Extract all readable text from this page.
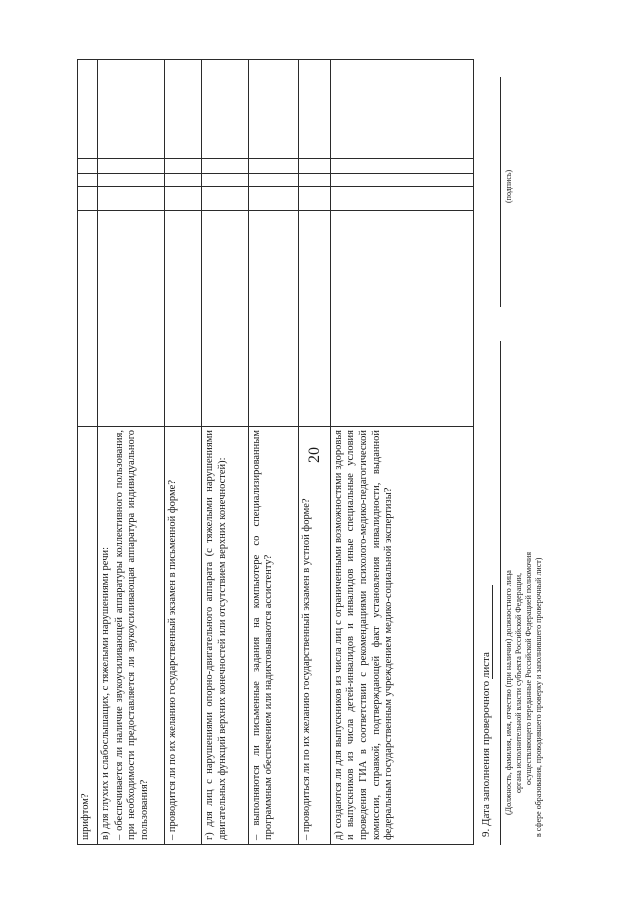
20

шрифтом?					

в) для глухих и слабослышащих, с тяжелыми нарушениями речи: – обеспечивается ли наличие звукоусиливающей аппаратуры коллективного пользования, при необходимости предоставляется ли звукоусиливающая аппаратура индивидуального пользования?					

– проводится ли по их желанию государственный экзамен в письменной форме?					

г) для лиц с нарушениями опорно-двигательного аппарата (с тяжелыми нарушениями двигательных функций верхних конечностей или отсутствием верхних конечностей):					

– выполняются ли письменные задания на компьютере со специализированным программным обеспечением или надиктовываются ассистенту?					

– проводиться ли по их желанию государственный экзамен в устной форме?					

д) создаются ли для выпускников из числа лиц с ограниченными возможностями здоровья и выпускников из числа детей-инвалидов и инвалидов иные специальные условия проведения ГИА в соответствии с рекомендациями психолого-медико-педагогической комиссии, справкой, подтверждающей факт установления инвалидности, выданной федеральным государственным учреждением медико-социальной экспертизы?					

						9. Дата заполнения проверочного листа (Должность, фамилия, имя, отчество (при наличии) должностного лица органа исполнительной власти субъекта Российской Федерации, осуществляющего переданные Российской Федерацией полномочия в сфере образования, проводившего проверку и заполнившего проверочный лист)
(подпись)
